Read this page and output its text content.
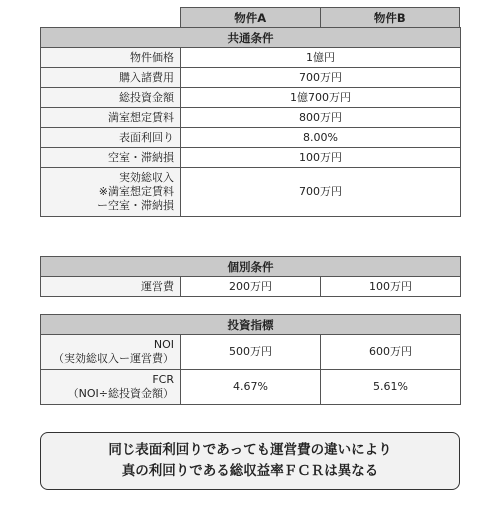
物件A	物件B
共通条件	
物件価格	1億円
購入諸費用	700万円
総投資金額	1億700万円
満室想定賃料	800万円
表面利回り	8.00%
空室・滞納損	100万円

実効総収入
※満室想定賃料
ー空室・滞納損	700万円
個別条件
運営費	200万円	100万円
投資指標		

NOI
（実効総収入ー運営費）	500万円	600万円

FCR
（NOI÷総投資金額）	4.67%	5.61%
同じ表面利回りであっても運営費の違いにより
真の利回りである総収益率ＦＣＲは異なる
